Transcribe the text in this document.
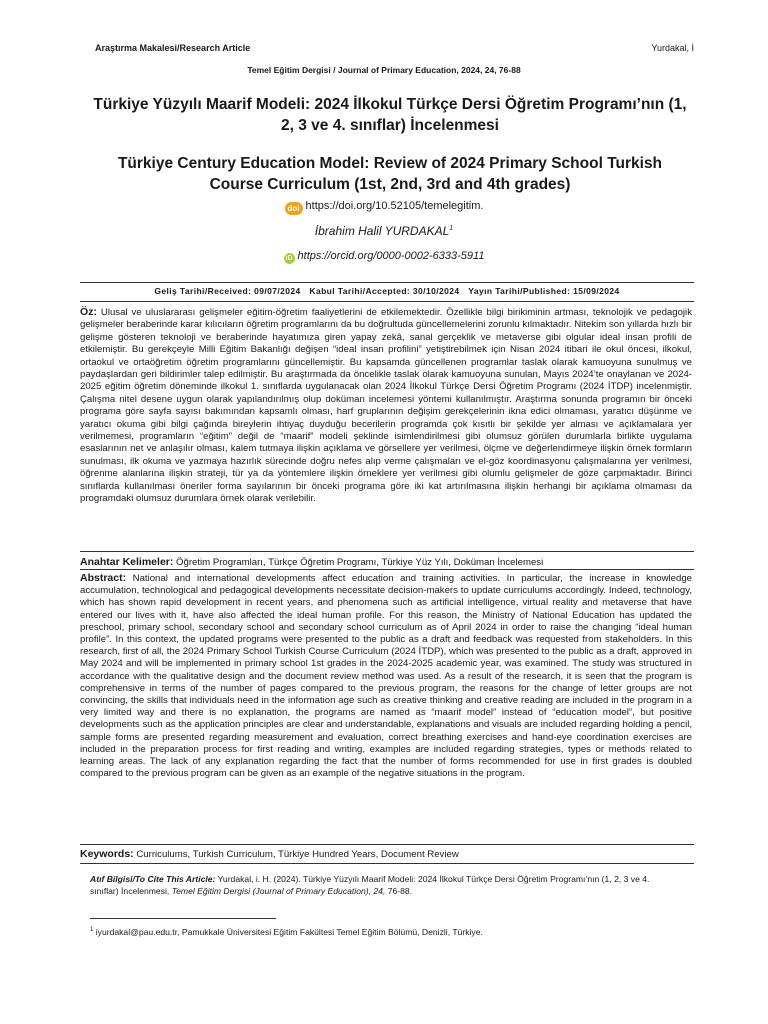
Araştırma Makalesi/Research Article	Yurdakal, İ
Temel Eğitim Dergisi / Journal of Primary Education, 2024, 24, 76-88
Türkiye Yüzyılı Maarif Modeli: 2024 İlkokul Türkçe Dersi Öğretim Programı’nın (1, 2, 3 ve 4. sınıflar) İncelenmesi
Türkiye Century Education Model: Review of 2024 Primary School Turkish Course Curriculum (1st, 2nd, 3rd and 4th grades)
doi https://doi.org/10.52105/temelegitim.
İbrahim Halil YURDAKAL$^1$
iD https://orcid.org/0000-0002-6333-5911
Geliş Tarihi/Received: 09/07/2024 Kabul Tarihi/Accepted: 30/10/2024 Yayın Tarihi/Published: 15/09/2024
Öz: Ulusal ve uluslararası gelişmeler eğitim-öğretim faaliyetlerini de etkilemektedir. Özellikle bilgi birikiminin artması, teknolojik ve pedagojik gelişmeler beraberinde karar kılıcıların öğretim programlarını da bu doğrultuda güncellemelerini zorunlu kılmaktadır. Nitekim son yıllarda hızlı bir gelişme gösteren teknoloji ve beraberinde hayatımıza giren yapay zekâ, sanal gerçeklik ve metaverse gibi olgular ideal insan profili de etkilemiştir. Bu gerekçeyle Milli Eğitim Bakanlığı değişen “ideal insan profilini” yetiştirebilmek için Nisan 2024 itibari ile okul öncesi, ilkokul, ortaokul ve ortaöğretim öğretim programlarını güncellemiştir. Bu kapsamda güncellenen programlar taslak olarak kamuoyuna sunulmuş ve paydaşlardan geri bildirimler talep edilmiştir. Bu araştırmada da öncelikle taslak olarak kamuoyuna sunulan, Mayıs 2024’te onaylanan ve 2024-2025 eğitim öğretim döneminde ilkokul 1. sınıflarda uygulanacak olan 2024 İlkokul Türkçe Dersi Öğretim Programı (2024 İTDP) incelenmiştir. Çalışma nitel desene uygun olarak yapılandırılmış olup doküman incelemesi yöntemi kullanılmıştır. Araştırma sonunda programın bir önceki programa göre sayfa sayısı bakımından kapsamlı olması, harf gruplarının değişim gerekçelerinin ikna edici olmaması, yaratıcı düşünme ve yaratıcı okuma gibi bilgi çağında bireylerin ihtiyaç duyduğu becerilerin programda çok kısıtlı bir şekilde yer alması ve açıklamalara yer verilmemesi, programların “eğitim” değil de “maarif” modeli şeklinde isimlendirilmesi gibi olumsuz görülen durumlarla birlikte uygulama esaslarının net ve anlaşılır olması, kalem tutmaya ilişkin açıklama ve görsellere yer verilmesi, ölçme ve değerlendirmeye ilişkin örnek formların sunulması, ilk okuma ve yazmaya hazırlık sürecinde doğru nefes alıp verme çalışmaları ve el-göz koordinasyonu çalışmalarına yer verilmesi, öğrenme alanlarına ilişkin strateji, tür ya da yöntemlere ilişkin örneklere yer verilmesi gibi olumlu gelişmeler de göze çarpmaktadır. Birinci sınıflarda kullanılması öneriler forma sayılarının bir önceki programa göre iki kat artırılmasına ilişkin herhangi bir açıklama olmaması da programdaki olumsuz durumlara örnek olarak verilebilir.
Anahtar Kelimeler: Öğretim Programları, Türkçe Öğretim Programı, Türkiye Yüz Yılı, Doküman İncelemesi
Abstract: National and international developments affect education and training activities. In particular, the increase in knowledge accumulation, technological and pedagogical developments necessitate decision-makers to update curriculums accordingly. Indeed, technology, which has shown rapid development in recent years, and phenomena such as artificial intelligence, virtual reality and metaverse that have entered our lives with it, have also affected the ideal human profile. For this reason, the Ministry of National Education has updated the preschool, primary school, secondary school and secondary school curriculum as of April 2024 in order to raise the changing “ideal human profile”. In this context, the updated programs were presented to the public as a draft and feedback was requested from stakeholders. In this research, first of all, the 2024 Primary School Turkish Course Curriculum (2024 İTDP), which was presented to the public as a draft, approved in May 2024 and will be implemented in primary school 1st grades in the 2024-2025 academic year, was examined. The study was structured in accordance with the qualitative design and the document review method was used. As a result of the research, it is seen that the program is comprehensive in terms of the number of pages compared to the previous program, the reasons for the change of letter groups are not convincing, the skills that individuals need in the information age such as creative thinking and creative reading are included in the program in a very limited way and there is no explanation, the programs are named as “maarif model” instead of “education model”, but positive developments such as the application principles are clear and understandable, explanations and visuals are included regarding holding a pencil, sample forms are presented regarding measurement and evaluation, correct breathing exercises and hand-eye coordination exercises are included in the preparation process for first reading and writing, examples are included regarding strategies, types or methods related to learning areas. The lack of any explanation regarding the fact that the number of forms recommended for use in first grades is doubled compared to the previous program can be given as an example of the negative situations in the program.
Keywords: Curriculums, Turkish Curriculum, Türkiye Hundred Years, Document Review
Atıf Bilgisi/To Cite This Article: Yurdakal, i. H. (2024). Türkiye Yüzyılı Maarif Modeli: 2024 İlkokul Türkçe Dersi Öğretim Programı’nın (1, 2, 3 ve 4. sınıflar) İncelenmesi, Temel Eğitim Dergisi (Journal of Primary Education), 24, 76-88.
$^1$ iyurdakal@pau.edu.tr, Pamukkale Üniversitesi Eğitim Fakültesi Temel Eğitim Bölümü, Denizli, Türkiye.
